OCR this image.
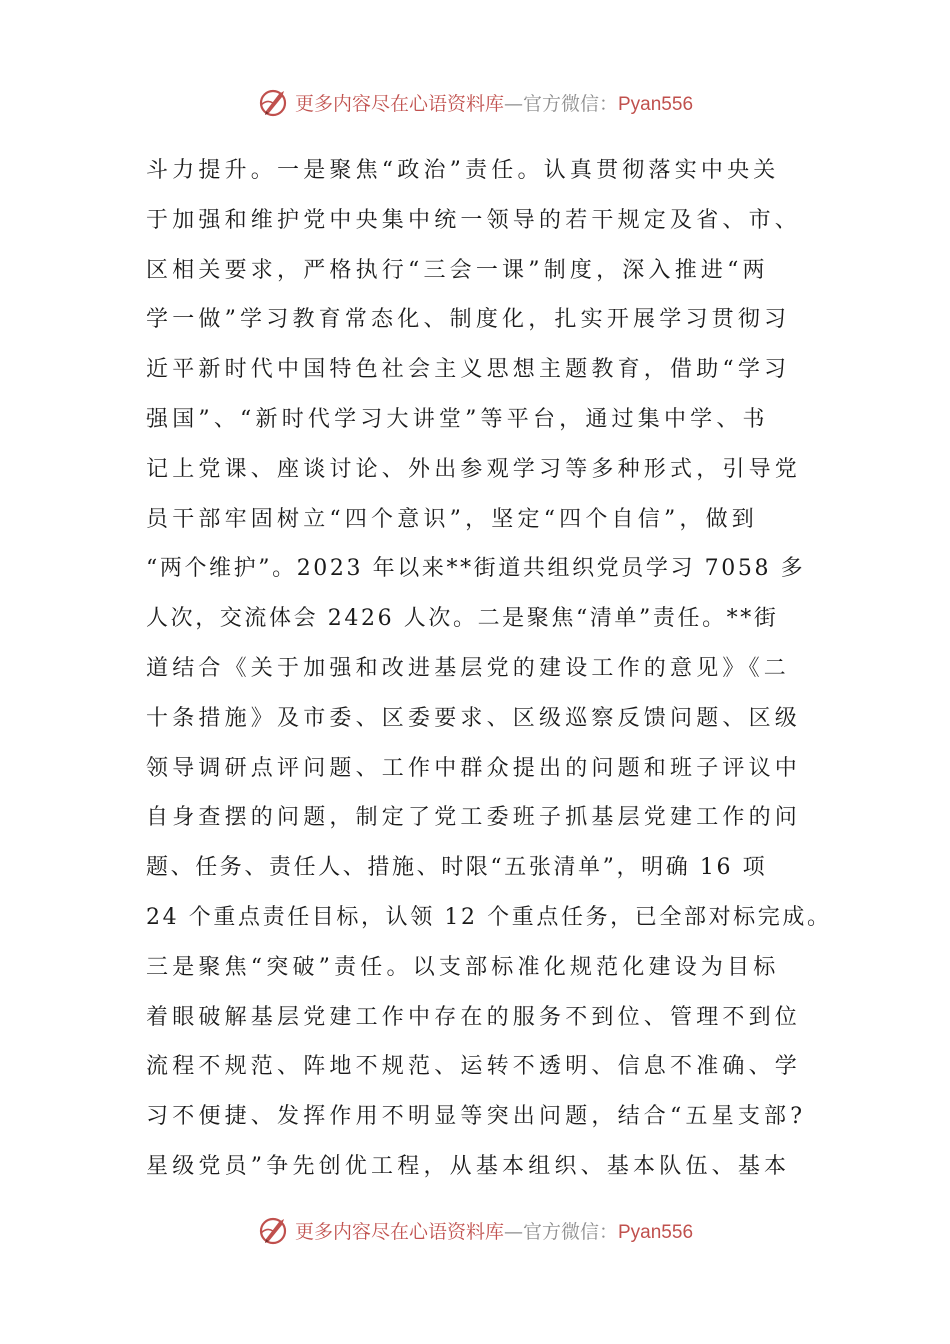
更多内容尽在心语资料库—官方微信：Pyan556
斗力提升。一是聚焦“政治”责任。认真贯彻落实中央关
于加强和维护党中央集中统一领导的若干规定及省、市、
区相关要求，严格执行“三会一课”制度，深入推进“两
学一做”学习教育常态化、制度化，扎实开展学习贯彻习
近平新时代中国特色社会主义思想主题教育，借助“学习
强国”、“新时代学习大讲堂”等平台，通过集中学、书
记上党课、座谈讨论、外出参观学习等多种形式，引导党
员干部牢固树立“四个意识”，坚定“四个自信”，做到
“两个维护”。2023 年以来**街道共组织党员学习 7058 多
人次，交流体会 2426 人次。二是聚焦“清单”责任。**街
道结合《关于加强和改进基层党的建设工作的意见》《二
十条措施》及市委、区委要求、区级巡察反馈问题、区级
领导调研点评问题、工作中群众提出的问题和班子评议中
自身查摆的问题，制定了党工委班子抓基层党建工作的问
题、任务、责任人、措施、时限“五张清单”，明确 16 项
24 个重点责任目标，认领 12 个重点任务，已全部对标完成。
三是聚焦“突破”责任。以支部标准化规范化建设为目标
着眼破解基层党建工作中存在的服务不到位、管理不到位
流程不规范、阵地不规范、运转不透明、信息不准确、学
习不便捷、发挥作用不明显等突出问题，结合“五星支部?
星级党员”争先创优工程，从基本组织、基本队伍、基本
更多内容尽在心语资料库—官方微信：Pyan556
